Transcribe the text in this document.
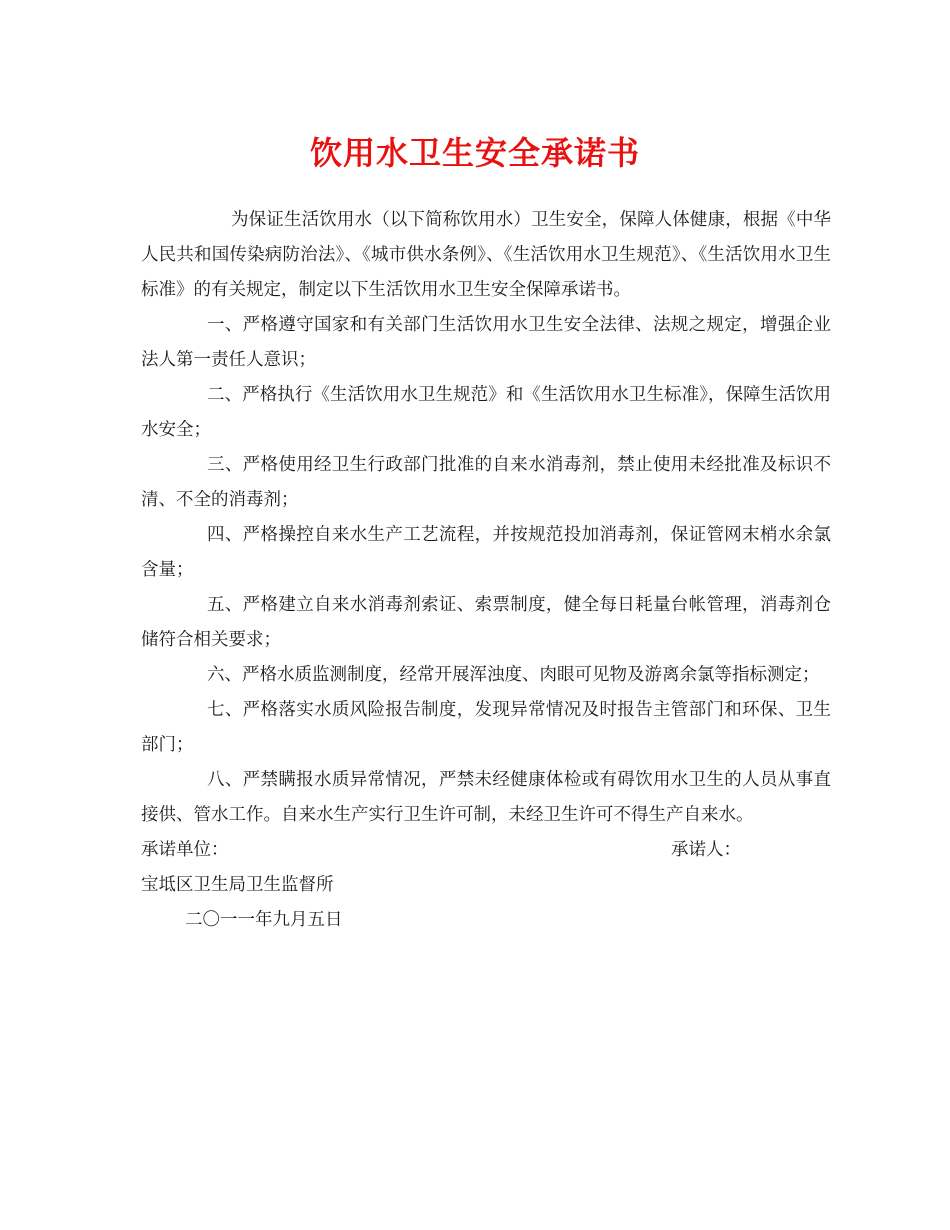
饮用水卫生安全承诺书

为保证生活饮用水（以下简称饮用水）卫生安全，保障人体健康，根据《中华人民共和国传染病防治法》、《城市供水条例》、《生活饮用水卫生规范》、《生活饮用水卫生标准》的有关规定，制定以下生活饮用水卫生安全保障承诺书。

一、严格遵守国家和有关部门生活饮用水卫生安全法律、法规之规定，增强企业法人第一责任人意识；

二、严格执行《生活饮用水卫生规范》和《生活饮用水卫生标准》，保障生活饮用水安全；

三、严格使用经卫生行政部门批准的自来水消毒剂，禁止使用未经批准及标识不清、不全的消毒剂；

四、严格操控自来水生产工艺流程，并按规范投加消毒剂，保证管网末梢水余氯含量；

五、严格建立自来水消毒剂索证、索票制度，健全每日耗量台帐管理，消毒剂仓储符合相关要求；

六、严格水质监测制度，经常开展浑浊度、肉眼可见物及游离余氯等指标测定；

七、严格落实水质风险报告制度，发现异常情况及时报告主管部门和环保、卫生部门；

八、严禁瞒报水质异常情况，严禁未经健康体检或有碍饮用水卫生的人员从事直接供、管水工作。自来水生产实行卫生许可制，未经卫生许可不得生产自来水。

承诺单位：	承诺人：

宝坻区卫生局卫生监督所

二〇一一年九月五日
